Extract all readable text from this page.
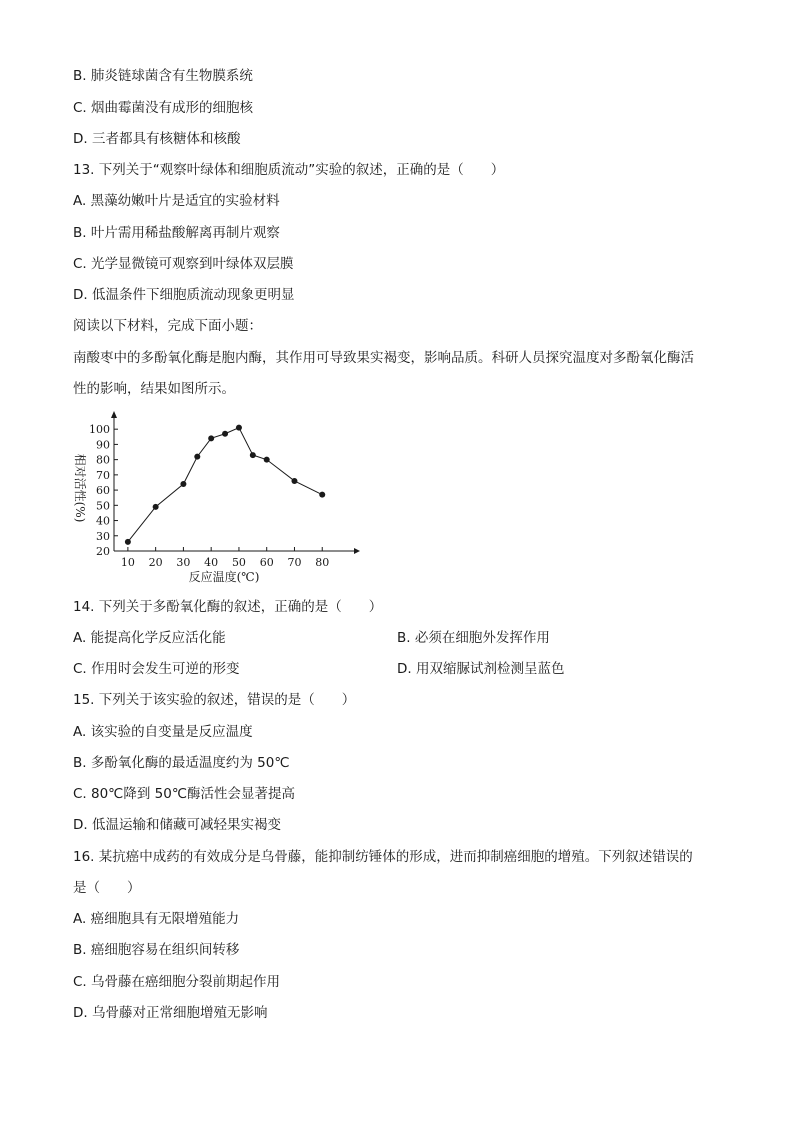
B. 肺炎链球菌含有生物膜系统
C. 烟曲霉菌没有成形的细胞核
D. 三者都具有核糖体和核酸
13. 下列关于“观察叶绿体和细胞质流动”实验的叙述，正确的是（　　）
A. 黑藻幼嫩叶片是适宜的实验材料
B. 叶片需用稀盐酸解离再制片观察
C. 光学显微镜可观察到叶绿体双层膜
D. 低温条件下细胞质流动现象更明显
阅读以下材料，完成下面小题：
南酸枣中的多酚氧化酶是胞内酶，其作用可导致果实褐变，影响品质。科研人员探究温度对多酚氧化酶活
性的影响，结果如图所示。
10 20 30 40 50 60 70 80
20
30
40
50
60
70
80
90
100
反应温度(℃)
相对活性(%)
14. 下列关于多酚氧化酶的叙述，正确的是（　　）
A. 能提高化学反应活化能	B. 必须在细胞外发挥作用
C. 作用时会发生可逆的形变	D. 用双缩脲试剂检测呈蓝色
15. 下列关于该实验的叙述，错误的是（　　）
A. 该实验的自变量是反应温度
B. 多酚氧化酶的最适温度约为 50℃
C. 80℃降到 50℃酶活性会显著提高
D. 低温运输和储藏可减轻果实褐变
16. 某抗癌中成药的有效成分是乌骨藤，能抑制纺锤体的形成，进而抑制癌细胞的增殖。下列叙述错误的
是（　　）
A. 癌细胞具有无限增殖能力
B. 癌细胞容易在组织间转移
C. 乌骨藤在癌细胞分裂前期起作用
D. 乌骨藤对正常细胞增殖无影响
